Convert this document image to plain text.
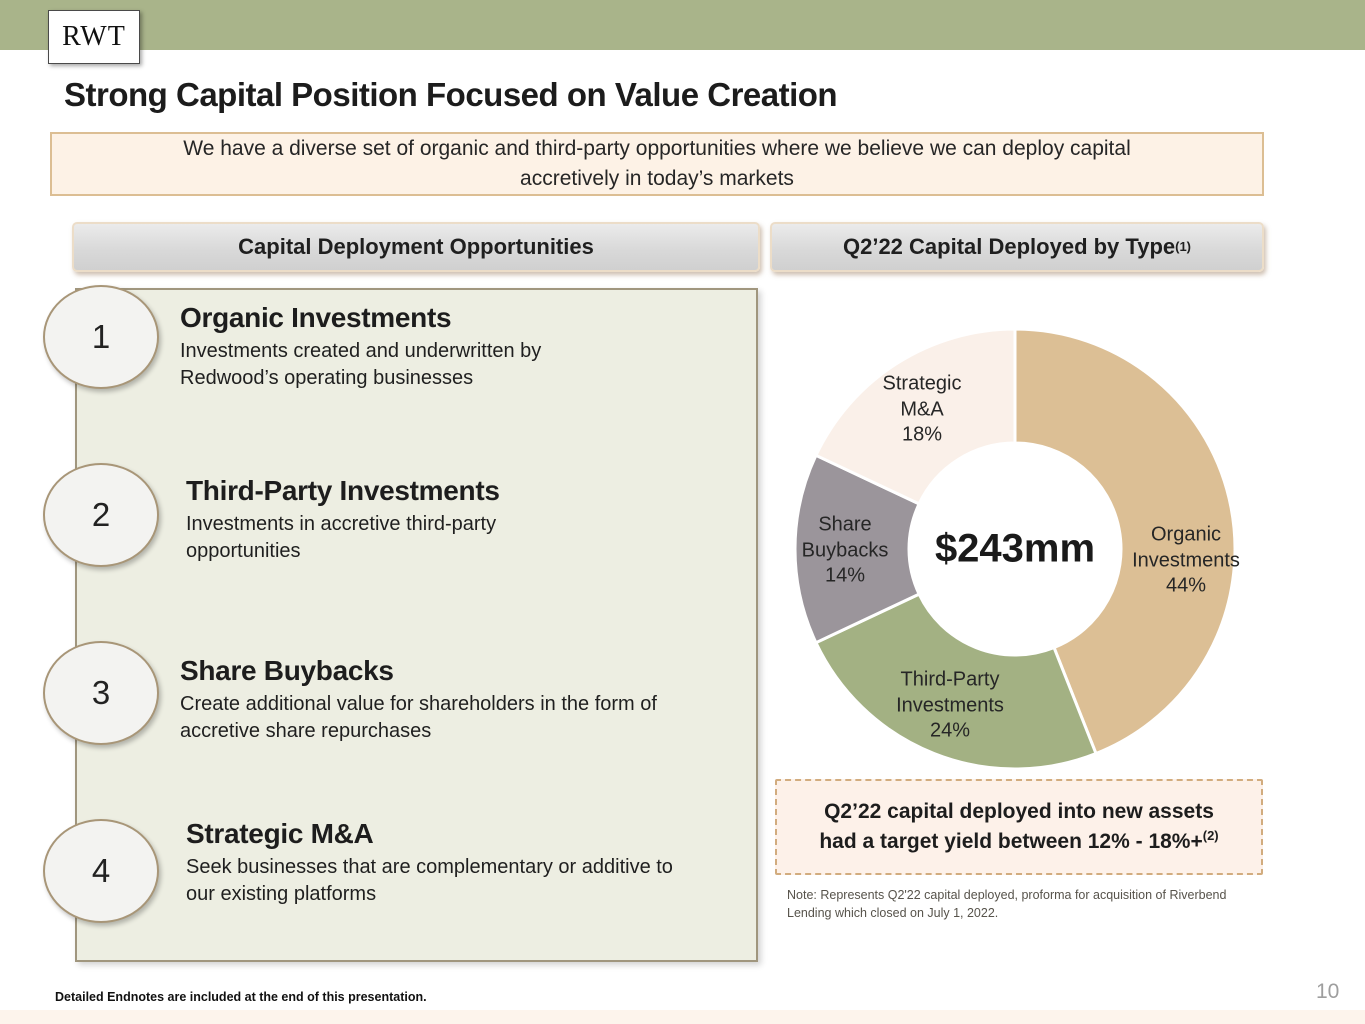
RWT
Strong Capital Position Focused on Value Creation
We have a diverse set of organic and third-party opportunities where we believe we can deploy capital
accretively in today’s markets
Capital Deployment Opportunities	Q2’22 Capital Deployed by Type (1)
1
2
3
4
Organic Investments
Investments created and underwritten by Redwood’s operating businesses
Third-Party Investments
Investments in accretive third-party opportunities
Share Buybacks
Create additional value for shareholders in the form of accretive share repurchases
Strategic M&A
Seek businesses that are complementary or additive to our existing platforms
Organic
Investments
44%
Third-Party
Investments
24%
Share
Buybacks
14%
Strategic
M&A
18%
$243mm
Q2’22 capital deployed into new assets
had a target yield between 12% - 18%+$^{(2)}$
Note: Represents Q2'22 capital deployed, proforma for acquisition of Riverbend Lending which closed on July 1, 2022.
Detailed Endnotes are included at the end of this presentation.	10
